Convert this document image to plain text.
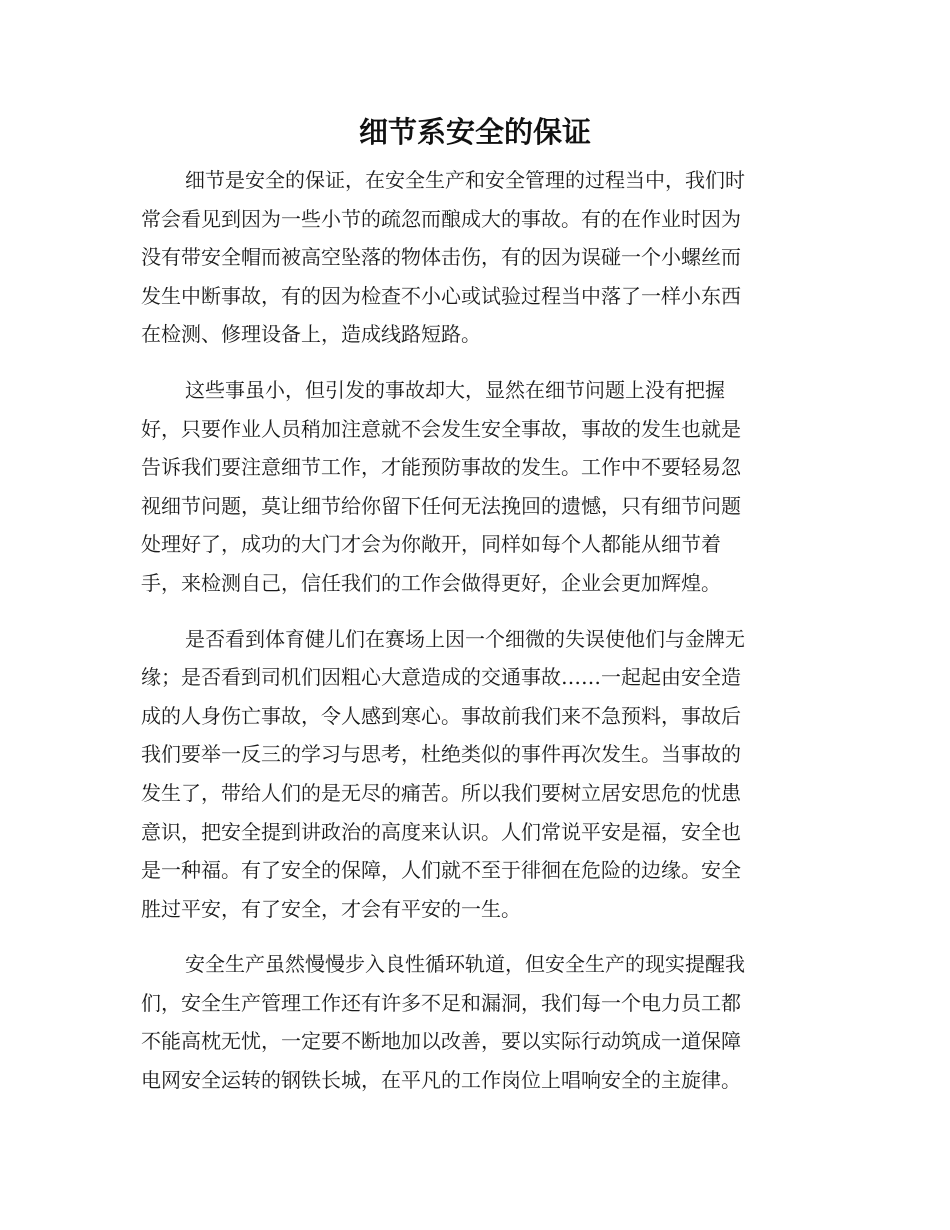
细节系安全的保证

细节是安全的保证，在安全生产和安全管理的过程当中，我们时
常会看见到因为一些小节的疏忽而酿成大的事故。有的在作业时因为
没有带安全帽而被高空坠落的物体击伤，有的因为误碰一个小螺丝而
发生中断事故，有的因为检查不小心或试验过程当中落了一样小东西
在检测、修理设备上，造成线路短路。

这些事虽小，但引发的事故却大，显然在细节问题上没有把握
好，只要作业人员稍加注意就不会发生安全事故，事故的发生也就是
告诉我们要注意细节工作，才能预防事故的发生。工作中不要轻易忽
视细节问题，莫让细节给你留下任何无法挽回的遗憾，只有细节问题
处理好了，成功的大门才会为你敞开，同样如每个人都能从细节着
手，来检测自己，信任我们的工作会做得更好，企业会更加辉煌。

是否看到体育健儿们在赛场上因一个细微的失误使他们与金牌无
缘；是否看到司机们因粗心大意造成的交通事故……一起起由安全造
成的人身伤亡事故，令人感到寒心。事故前我们来不急预料，事故后
我们要举一反三的学习与思考，杜绝类似的事件再次发生。当事故的
发生了，带给人们的是无尽的痛苦。所以我们要树立居安思危的忧患
意识，把安全提到讲政治的高度来认识。人们常说平安是福，安全也
是一种福。有了安全的保障，人们就不至于徘徊在危险的边缘。安全
胜过平安，有了安全，才会有平安的一生。

安全生产虽然慢慢步入良性循环轨道，但安全生产的现实提醒我
们，安全生产管理工作还有许多不足和漏洞，我们每一个电力员工都
不能高枕无忧，一定要不断地加以改善，要以实际行动筑成一道保障
电网安全运转的钢铁长城，在平凡的工作岗位上唱响安全的主旋律。
